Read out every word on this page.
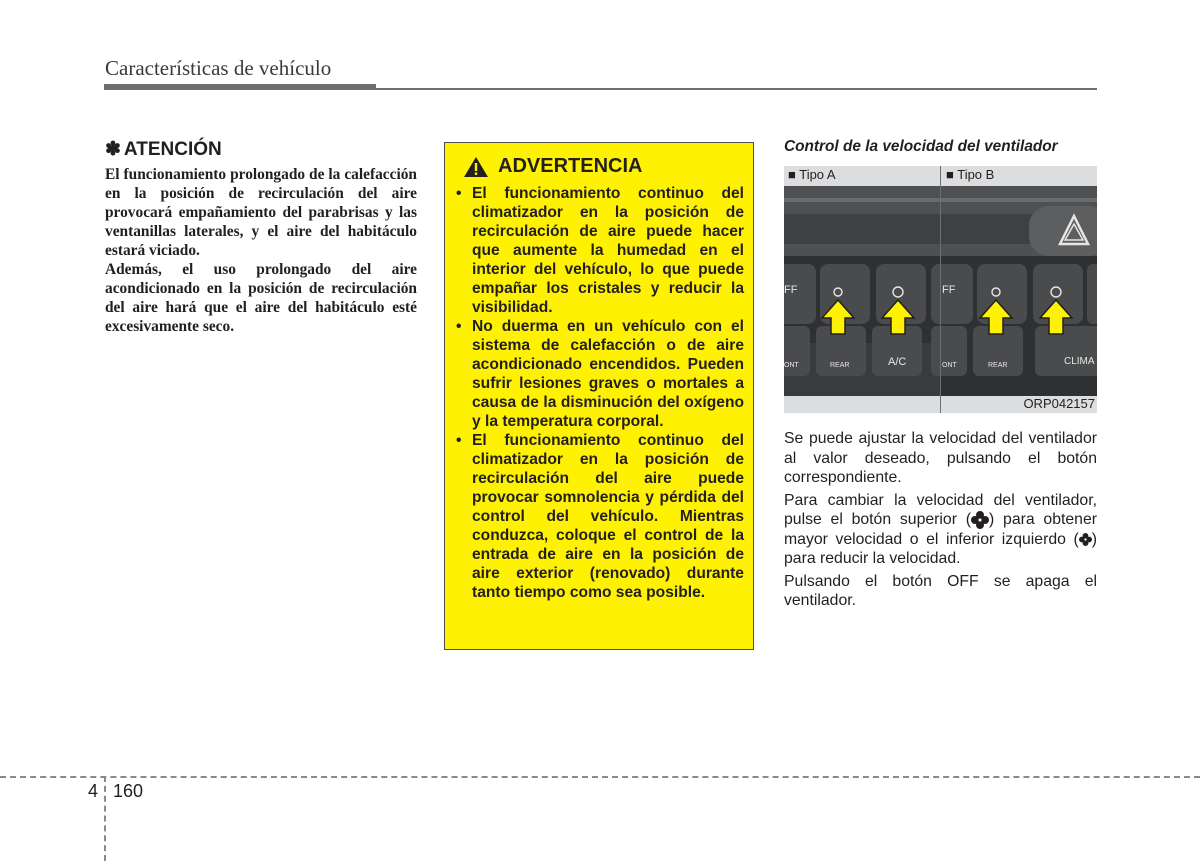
Características de vehículo
✽ ATENCIÓN

El funcionamiento prolongado de la calefacción en la posición de recirculación del aire provocará empañamiento del parabrisas y las ventanillas laterales, y el aire del habitáculo estará viciado.

Además, el uso prolongado del aire acondicionado en la posición de recirculación del aire hará que el aire del habitáculo esté excesivamente seco.

ADVERTENCIA
• El funcionamiento continuo del climatizador en la posición de recirculación de aire puede hacer que aumente la humedad en el interior del vehículo, lo que puede empañar los cristales y reducir la visibilidad.
• No duerma en un vehículo con el sistema de calefacción o de aire acondicionado encendidos. Pueden sufrir lesiones graves o mortales a causa de la disminución del oxígeno y la temperatura corporal.
• El funcionamiento continuo del climatizador en la posición de recirculación del aire puede provocar somnolencia y pérdida del control del vehículo. Mientras conduzca, coloque el control de la entrada de aire en la posición de aire exterior (renovado) durante tanto tiempo como sea posible.
Control de la velocidad del ventilador
■ Tipo A	■ Tipo B
FF	FF
A/C	CLIMA
REAR	REAR
ONT	ONT
ORP042157

Se puede ajustar la velocidad del ventilador al valor deseado, pulsando el botón correspondiente.

Para cambiar la velocidad del ventilador, pulse el botón superior ( ) para obtener mayor velocidad o el inferior izquierdo ( ) para reducir la velocidad.

Pulsando el botón OFF se apaga el ventilador.

4 160
